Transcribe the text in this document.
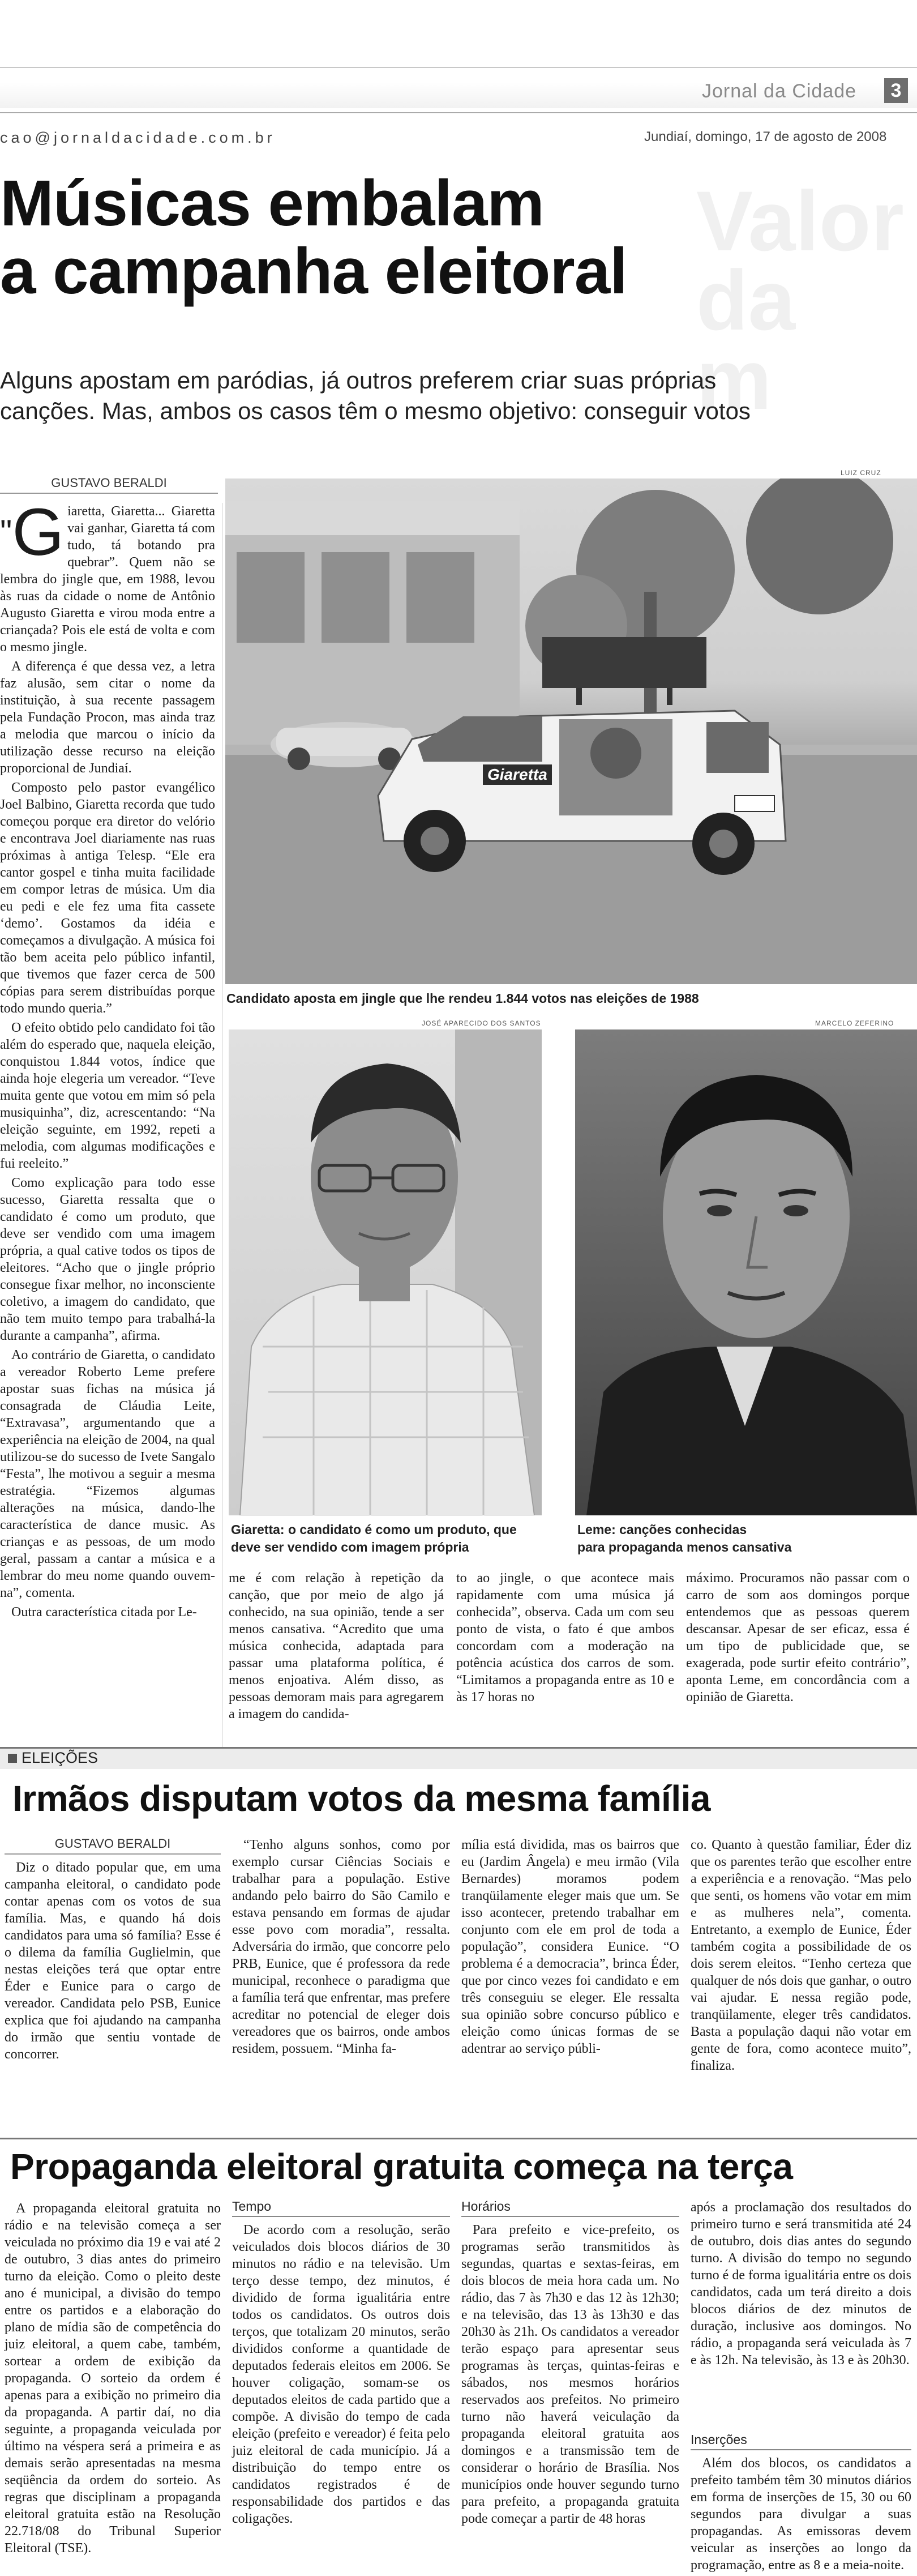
Jornal da Cidade	3
cao@jornaldacidade.com.br	Jundiaí, domingo, 17 de agosto de 2008
Valor
da
m
Músicas embalam
a campanha eleitoral
Alguns apostam em paródias, já outros preferem criar suas próprias
canções. Mas, ambos os casos têm o mesmo objetivo: conseguir votos
GUSTAVO BERALDI

"G iaretta, Giaretta... Giaretta vai ganhar, Giaretta tá com tudo, tá botando pra quebrar”. Quem não se lembra do jingle que, em 1988, levou às ruas da cidade o nome de Antônio Augusto Giaretta e virou moda entre a criançada? Pois ele está de volta e com o mesmo jingle.

A diferença é que dessa vez, a letra faz alusão, sem citar o nome da instituição, à sua recente passagem pela Fundação Procon, mas ainda traz a melodia que marcou o início da utilização desse recurso na eleição proporcional de Jundiaí.

Composto pelo pastor evangélico Joel Balbino, Giaretta recorda que tudo começou porque era diretor do velório e encontrava Joel diariamente nas ruas próximas à antiga Telesp. “Ele era cantor gospel e tinha muita facilidade em compor letras de música. Um dia eu pedi e ele fez uma fita cassete ‘demo’. Gostamos da idéia e começamos a divulgação. A música foi tão bem aceita pelo público infantil, que tivemos que fazer cerca de 500 cópias para serem distribuídas porque todo mundo queria.”

O efeito obtido pelo candidato foi tão além do esperado que, naquela eleição, conquistou 1.844 votos, índice que ainda hoje elegeria um vereador. “Teve muita gente que votou em mim só pela musiquinha”, diz, acrescentando: “Na eleição seguinte, em 1992, repeti a melodia, com algumas modificações e fui reeleito.”

Como explicação para todo esse sucesso, Giaretta ressalta que o candidato é como um produto, que deve ser vendido com uma imagem própria, a qual cative todos os tipos de eleitores. “Acho que o jingle próprio consegue fixar melhor, no inconsciente coletivo, a imagem do candidato, que não tem muito tempo para trabalhá-la durante a campanha”, afirma.

Ao contrário de Giaretta, o candidato a vereador Roberto Leme prefere apostar suas fichas na música já consagrada de Cláudia Leite, “Extravasa”, argumentando que a experiência na eleição de 2004, na qual utilizou-se do sucesso de Ivete Sangalo “Festa”, lhe motivou a seguir a mesma estratégia. “Fizemos algumas alterações na música, dando-lhe característica de dance music. As crianças e as pessoas, de um modo geral, passam a cantar a música e a lembrar do meu nome quando ouvem-na”, comenta.

Outra característica citada por Le-

LUIZ CRUZ
Giaretta
Candidato aposta em jingle que lhe rendeu 1.844 votos nas eleições de 1988
JOSÉ APARECIDO DOS SANTOS
Giaretta: o candidato é como um produto, que
deve ser vendido com imagem própria
MARCELO ZEFERINO
Leme: canções conhecidas
para propaganda menos cansativa
me é com relação à repetição da canção, que por meio de algo já conhecido, na sua opinião, tende a ser menos cansativa. “Acredito que uma música conhecida, adaptada para passar uma plataforma política, é menos enjoativa. Além disso, as pessoas demoram mais para agregarem a imagem do candida-
to ao jingle, o que acontece mais rapidamente com uma música já conhecida”, observa. Cada um com seu ponto de vista, o fato é que ambos concordam com a moderação na potência acústica dos carros de som. “Limitamos a propaganda entre as 10 e às 17 horas no
máximo. Procuramos não passar com o carro de som aos domingos porque entendemos que as pessoas querem descansar. Apesar de ser eficaz, essa é um tipo de publicidade que, se exagerada, pode surtir efeito contrário”, aponta Leme, em concordância com a opinião de Giaretta.
ELEIÇÕES
Irmãos disputam votos da mesma família
GUSTAVO BERALDI

Diz o ditado popular que, em uma campanha eleitoral, o candidato pode contar apenas com os votos de sua família. Mas, e quando há dois candidatos para uma só família? Esse é o dilema da família Guglielmin, que nestas eleições terá que optar entre Éder e Eunice para o cargo de vereador. Candidata pelo PSB, Eunice explica que foi ajudando na campanha do irmão que sentiu vontade de concorrer.

“Tenho alguns sonhos, como por exemplo cursar Ciências Sociais e trabalhar para a população. Estive andando pelo bairro do São Camilo e estava pensando em formas de ajudar esse povo com moradia”, ressalta. Adversária do irmão, que concorre pelo PRB, Eunice, que é professora da rede municipal, reconhece o paradigma que a família terá que enfrentar, mas prefere acreditar no potencial de eleger dois vereadores que os bairros, onde ambos residem, possuem. “Minha fa-

mília está dividida, mas os bairros que eu (Jardim Ângela) e meu irmão (Vila Bernardes) moramos podem tranqüilamente eleger mais que um. Se isso acontecer, pretendo trabalhar em conjunto com ele em prol de toda a população”, considera Eunice. “O problema é a democracia”, brinca Éder, que por cinco vezes foi candidato e em três conseguiu se eleger. Ele ressalta sua opinião sobre concurso público e eleição como únicas formas de se adentrar ao serviço públi-

co. Quanto à questão familiar, Éder diz que os parentes terão que escolher entre a experiência e a renovação. “Mas pelo que senti, os homens vão votar em mim e as mulheres nela”, comenta. Entretanto, a exemplo de Eunice, Éder também cogita a possibilidade de os dois serem eleitos. “Tenho certeza que qualquer de nós dois que ganhar, o outro vai ajudar. E nessa região pode, tranqüilamente, eleger três candidatos. Basta a população daqui não votar em gente de fora, como acontece muito”, finaliza.

Propaganda eleitoral gratuita começa na terça

A propaganda eleitoral gratuita no rádio e na televisão começa a ser veiculada no próximo dia 19 e vai até 2 de outubro, 3 dias antes do primeiro turno da eleição. Como o pleito deste ano é municipal, a divisão do tempo entre os partidos e a elaboração do plano de mídia são de competência do juiz eleitoral, a quem cabe, também, sortear a ordem de exibição da propaganda. O sorteio da ordem é apenas para a exibição no primeiro dia da propaganda. A partir daí, no dia seguinte, a propaganda veiculada por último na véspera será a primeira e as demais serão apresentadas na mesma seqüência da ordem do sorteio. As regras que disciplinam a propaganda eleitoral gratuita estão na Resolução 22.718/08 do Tribunal Superior Eleitoral (TSE).

Tempo

De acordo com a resolução, serão veiculados dois blocos diários de 30 minutos no rádio e na televisão. Um terço desse tempo, dez minutos, é dividido de forma igualitária entre todos os candidatos. Os outros dois terços, que totalizam 20 minutos, serão divididos conforme a quantidade de deputados federais eleitos em 2006. Se houver coligação, somam-se os deputados eleitos de cada partido que a compõe. A divisão do tempo de cada eleição (prefeito e vereador) é feita pelo juiz eleitoral de cada município. Já a distribuição do tempo entre os candidatos registrados é de responsabilidade dos partidos e das coligações.

Horários

Para prefeito e vice-prefeito, os programas serão transmitidos às segundas, quartas e sextas-feiras, em dois blocos de meia hora cada um. No rádio, das 7 às 7h30 e das 12 às 12h30; e na televisão, das 13 às 13h30 e das 20h30 às 21h. Os candidatos a vereador terão espaço para apresentar seus programas às terças, quintas-feiras e sábados, nos mesmos horários reservados aos prefeitos. No primeiro turno não haverá veiculação da propaganda eleitoral gratuita aos domingos e a transmissão tem de considerar o horário de Brasília. Nos municípios onde houver segundo turno para prefeito, a propaganda gratuita pode começar a partir de 48 horas

após a proclamação dos resultados do primeiro turno e será transmitida até 24 de outubro, dois dias antes do segundo turno. A divisão do tempo no segundo turno é de forma igualitária entre os dois candidatos, cada um terá direito a dois blocos diários de dez minutos de duração, inclusive aos domingos. No rádio, a propaganda será veiculada às 7 e às 12h. Na televisão, às 13 e às 20h30.

Inserções

Além dos blocos, os candidatos a prefeito também têm 30 minutos diários em forma de inserções de 15, 30 ou 60 segundos para divulgar a suas propagandas. As emissoras devem veicular as inserções ao longo da programação, entre as 8 e a meia-noite.
